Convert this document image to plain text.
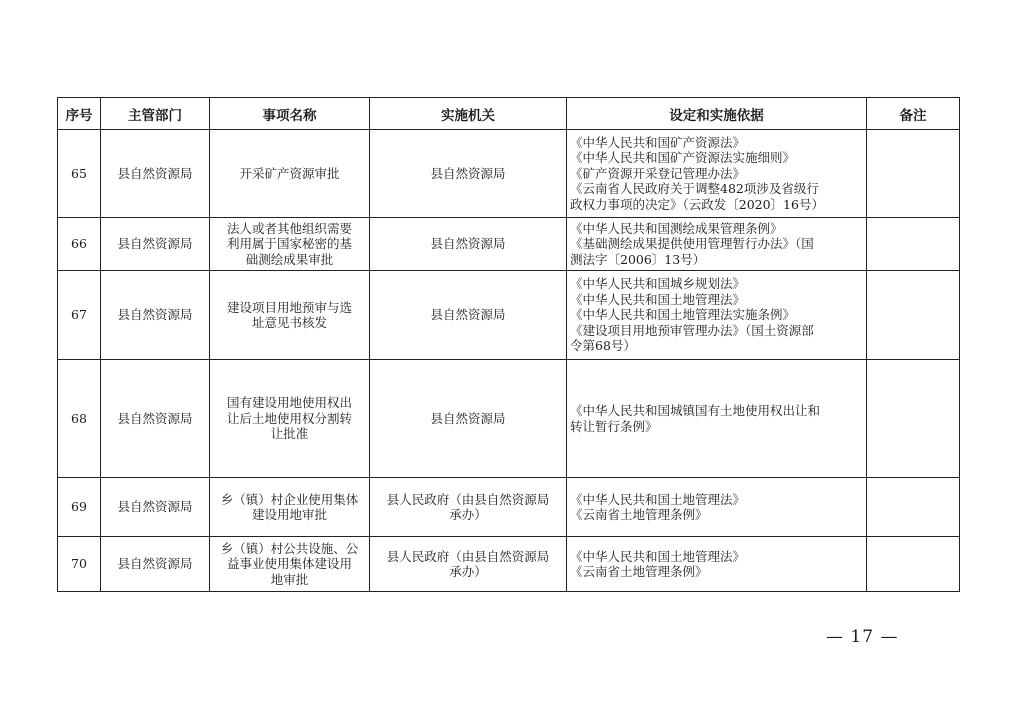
序号	主管部门	事项名称	实施机关	设定和实施依据	备注
65	县自然资源局	开采矿产资源审批	县自然资源局	《中华人民共和国矿产资源法》
《中华人民共和国矿产资源法实施细则》
《矿产资源开采登记管理办法》
《云南省人民政府关于调整482项涉及省级行
政权力事项的决定》（云政发〔2020〕16号）	

66	县自然资源局	法人或者其他组织需要
利用属于国家秘密的基
础测绘成果审批	县自然资源局	《中华人民共和国测绘成果管理条例》
《基础测绘成果提供使用管理暂行办法》（国
测法字〔2006〕13号）	

67	县自然资源局	建设项目用地预审与选
址意见书核发	县自然资源局	《中华人民共和国城乡规划法》
《中华人民共和国土地管理法》
《中华人民共和国土地管理法实施条例》
《建设项目用地预审管理办法》（国土资源部
令第68号）	

68	县自然资源局	国有建设用地使用权出
让后土地使用权分割转
让批准	县自然资源局	《中华人民共和国城镇国有土地使用权出让和
转让暂行条例》	

69	县自然资源局	乡（镇）村企业使用集体
建设用地审批	县人民政府（由县自然资源局
承办）	《中华人民共和国土地管理法》
《云南省土地管理条例》	

70	县自然资源局	乡（镇）村公共设施、公
益事业使用集体建设用
地审批	县人民政府（由县自然资源局
承办）	《中华人民共和国土地管理法》
《云南省土地管理条例》	

— 17 —
